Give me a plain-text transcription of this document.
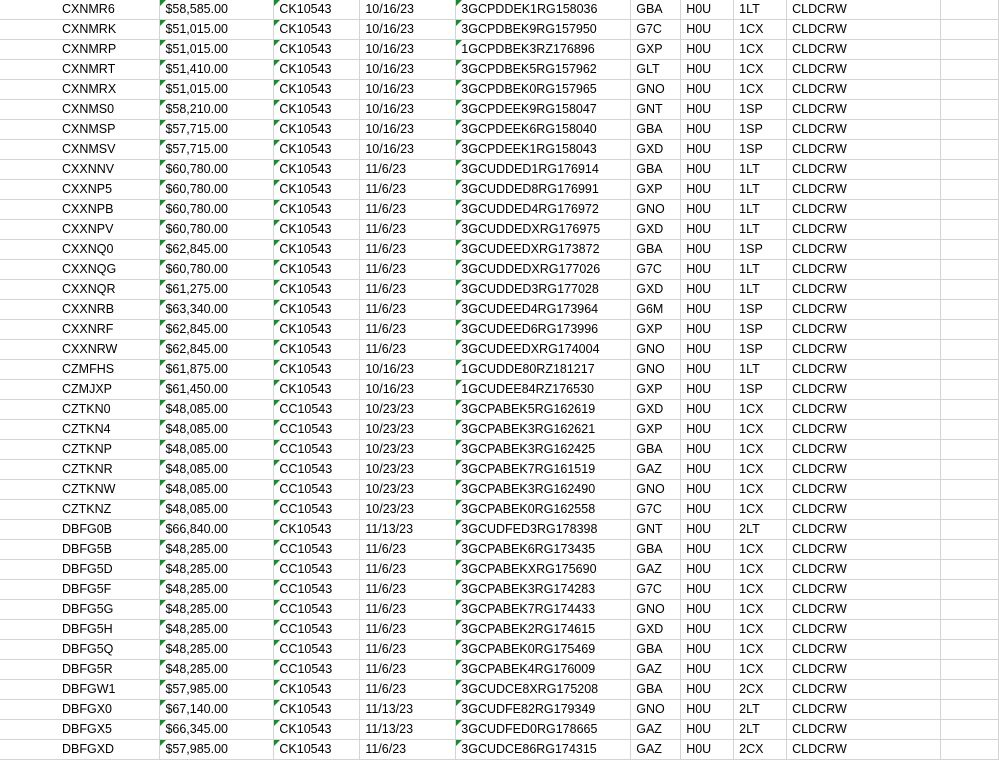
CXNMR6	$58,585.00	CK10543	10/16/23	3GCPDDEK1RG158036	GBA	H0U	1LT	CLDCRW	
CXNMRK	$51,015.00	CK10543	10/16/23	3GCPDBEK9RG157950	G7C	H0U	1CX	CLDCRW	
CXNMRP	$51,015.00	CK10543	10/16/23	1GCPDBEK3RZ176896	GXP	H0U	1CX	CLDCRW	
CXNMRT	$51,410.00	CK10543	10/16/23	3GCPDBEK5RG157962	GLT	H0U	1CX	CLDCRW	
CXNMRX	$51,015.00	CK10543	10/16/23	3GCPDBEK0RG157965	GNO	H0U	1CX	CLDCRW	
CXNMS0	$58,210.00	CK10543	10/16/23	3GCPDEEK9RG158047	GNT	H0U	1SP	CLDCRW	
CXNMSP	$57,715.00	CK10543	10/16/23	3GCPDEEK6RG158040	GBA	H0U	1SP	CLDCRW	
CXNMSV	$57,715.00	CK10543	10/16/23	3GCPDEEK1RG158043	GXD	H0U	1SP	CLDCRW	
CXXNNV	$60,780.00	CK10543	11/6/23	3GCUDDED1RG176914	GBA	H0U	1LT	CLDCRW	
CXXNP5	$60,780.00	CK10543	11/6/23	3GCUDDED8RG176991	GXP	H0U	1LT	CLDCRW	
CXXNPB	$60,780.00	CK10543	11/6/23	3GCUDDED4RG176972	GNO	H0U	1LT	CLDCRW	
CXXNPV	$60,780.00	CK10543	11/6/23	3GCUDDEDXRG176975	GXD	H0U	1LT	CLDCRW	
CXXNQ0	$62,845.00	CK10543	11/6/23	3GCUDEEDXRG173872	GBA	H0U	1SP	CLDCRW	
CXXNQG	$60,780.00	CK10543	11/6/23	3GCUDDEDXRG177026	G7C	H0U	1LT	CLDCRW	
CXXNQR	$61,275.00	CK10543	11/6/23	3GCUDDED3RG177028	GXD	H0U	1LT	CLDCRW	
CXXNRB	$63,340.00	CK10543	11/6/23	3GCUDEED4RG173964	G6M	H0U	1SP	CLDCRW	
CXXNRF	$62,845.00	CK10543	11/6/23	3GCUDEED6RG173996	GXP	H0U	1SP	CLDCRW	
CXXNRW	$62,845.00	CK10543	11/6/23	3GCUDEEDXRG174004	GNO	H0U	1SP	CLDCRW	
CZMFHS	$61,875.00	CK10543	10/16/23	1GCUDDE80RZ181217	GNO	H0U	1LT	CLDCRW	
CZMJXP	$61,450.00	CK10543	10/16/23	1GCUDEE84RZ176530	GXP	H0U	1SP	CLDCRW	
CZTKN0	$48,085.00	CC10543	10/23/23	3GCPABEK5RG162619	GXD	H0U	1CX	CLDCRW	
CZTKN4	$48,085.00	CC10543	10/23/23	3GCPABEK3RG162621	GXP	H0U	1CX	CLDCRW	
CZTKNP	$48,085.00	CC10543	10/23/23	3GCPABEK3RG162425	GBA	H0U	1CX	CLDCRW	
CZTKNR	$48,085.00	CC10543	10/23/23	3GCPABEK7RG161519	GAZ	H0U	1CX	CLDCRW	
CZTKNW	$48,085.00	CC10543	10/23/23	3GCPABEK3RG162490	GNO	H0U	1CX	CLDCRW	
CZTKNZ	$48,085.00	CC10543	10/23/23	3GCPABEK0RG162558	G7C	H0U	1CX	CLDCRW	
DBFG0B	$66,840.00	CK10543	11/13/23	3GCUDFED3RG178398	GNT	H0U	2LT	CLDCRW	
DBFG5B	$48,285.00	CC10543	11/6/23	3GCPABEK6RG173435	GBA	H0U	1CX	CLDCRW	
DBFG5D	$48,285.00	CC10543	11/6/23	3GCPABEKXRG175690	GAZ	H0U	1CX	CLDCRW	
DBFG5F	$48,285.00	CC10543	11/6/23	3GCPABEK3RG174283	G7C	H0U	1CX	CLDCRW	
DBFG5G	$48,285.00	CC10543	11/6/23	3GCPABEK7RG174433	GNO	H0U	1CX	CLDCRW	
DBFG5H	$48,285.00	CC10543	11/6/23	3GCPABEK2RG174615	GXD	H0U	1CX	CLDCRW	
DBFG5Q	$48,285.00	CC10543	11/6/23	3GCPABEK0RG175469	GBA	H0U	1CX	CLDCRW	
DBFG5R	$48,285.00	CC10543	11/6/23	3GCPABEK4RG176009	GAZ	H0U	1CX	CLDCRW	
DBFGW1	$57,985.00	CK10543	11/6/23	3GCUDCE8XRG175208	GBA	H0U	2CX	CLDCRW	
DBFGX0	$67,140.00	CK10543	11/13/23	3GCUDFE82RG179349	GNO	H0U	2LT	CLDCRW	
DBFGX5	$66,345.00	CK10543	11/13/23	3GCUDFED0RG178665	GAZ	H0U	2LT	CLDCRW	
DBFGXD	$57,985.00	CK10543	11/6/23	3GCUDCE86RG174315	GAZ	H0U	2CX	CLDCRW	
